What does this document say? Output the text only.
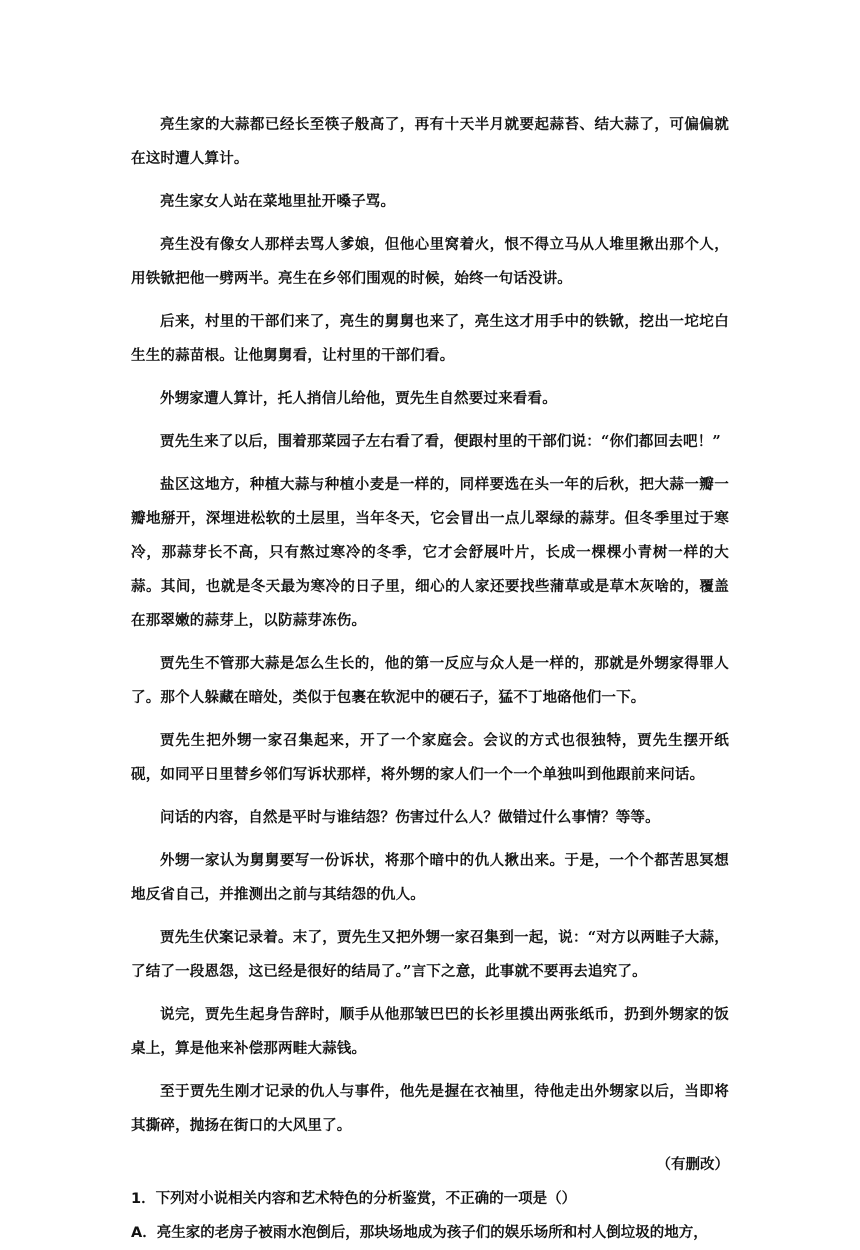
亮生家的大蒜都已经长至筷子般高了，再有十天半月就要起蒜苔、结大蒜了，可偏偏就在这时遭人算计。

亮生家女人站在菜地里扯开嗓子骂。

亮生没有像女人那样去骂人爹娘，但他心里窝着火，恨不得立马从人堆里揪出那个人，用铁锨把他一劈两半。亮生在乡邻们围观的时候，始终一句话没讲。

后来，村里的干部们来了，亮生的舅舅也来了，亮生这才用手中的铁锨，挖出一坨坨白生生的蒜苗根。让他舅舅看，让村里的干部们看。

外甥家遭人算计，托人捎信儿给他，贾先生自然要过来看看。

贾先生来了以后，围着那菜园子左右看了看，便跟村里的干部们说：“你们都回去吧！”

盐区这地方，种植大蒜与种植小麦是一样的，同样要选在头一年的后秋，把大蒜一瓣一瓣地掰开，深埋进松软的土层里，当年冬天，它会冒出一点儿翠绿的蒜芽。但冬季里过于寒冷，那蒜芽长不高，只有熬过寒冷的冬季，它才会舒展叶片，长成一棵棵小青树一样的大蒜。其间，也就是冬天最为寒冷的日子里，细心的人家还要找些蒲草或是草木灰啥的，覆盖在那翠嫩的蒜芽上，以防蒜芽冻伤。

贾先生不管那大蒜是怎么生长的，他的第一反应与众人是一样的，那就是外甥家得罪人了。那个人躲藏在暗处，类似于包裹在软泥中的硬石子，猛不丁地硌他们一下。

贾先生把外甥一家召集起来，开了一个家庭会。会议的方式也很独特，贾先生摆开纸砚，如同平日里替乡邻们写诉状那样，将外甥的家人们一个一个单独叫到他跟前来问话。

问话的内容，自然是平时与谁结怨？伤害过什么人？做错过什么事情？等等。

外甥一家认为舅舅要写一份诉状，将那个暗中的仇人揪出来。于是，一个个都苦思冥想地反省自己，并推测出之前与其结怨的仇人。

贾先生伏案记录着。末了，贾先生又把外甥一家召集到一起，说：“对方以两畦子大蒜，了结了一段恩怨，这已经是很好的结局了。”言下之意，此事就不要再去追究了。

说完，贾先生起身告辞时，顺手从他那皱巴巴的长衫里摸出两张纸币，扔到外甥家的饭桌上，算是他来补偿那两畦大蒜钱。

至于贾先生刚才记录的仇人与事件，他先是握在衣袖里，待他走出外甥家以后，当即将其撕碎，抛扬在街口的大风里了。

（有删改）

1．下列对小说相关内容和艺术特色的分析鉴赏，不正确的一项是（）

A．亮生家的老房子被雨水泡倒后，那块场地成为孩子们的娱乐场所和村人倒垃圾的地方，
